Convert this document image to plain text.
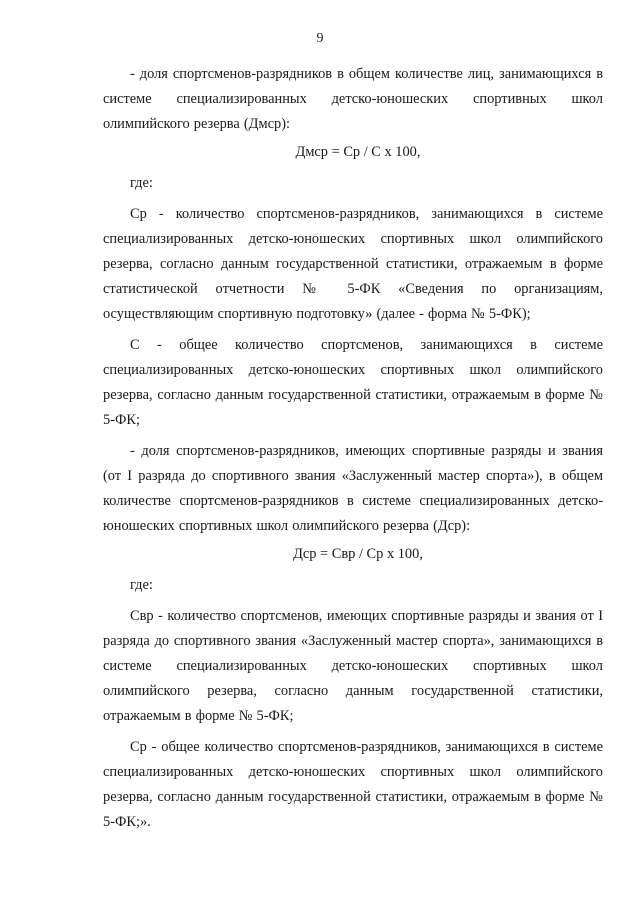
9

- доля спортсменов-разрядников в общем количестве лиц, занимающихся в системе специализированных детско-юношеских спортивных школ олимпийского резерва (Дмср):

Дмср = Ср / С х 100,

где:

Ср - количество спортсменов-разрядников, занимающихся в системе специализированных детско-юношеских спортивных школ олимпийского резерва, согласно данным государственной статистики, отражаемым в форме статистической отчетности № 5-ФК «Сведения по организациям, осуществляющим спортивную подготовку» (далее - форма № 5-ФК);

С - общее количество спортсменов, занимающихся в системе специализированных детско-юношеских спортивных школ олимпийского резерва, согласно данным государственной статистики, отражаемым в форме № 5-ФК;

- доля спортсменов-разрядников, имеющих спортивные разряды и звания (от I разряда до спортивного звания «Заслуженный мастер спорта»), в общем количестве спортсменов-разрядников в системе специализированных детско-юношеских спортивных школ олимпийского резерва (Дср):

Дср = Свр / Ср х 100,

где:

Свр - количество спортсменов, имеющих спортивные разряды и звания от I разряда до спортивного звания «Заслуженный мастер спорта», занимающихся в системе специализированных детско-юношеских спортивных школ олимпийского резерва, согласно данным государственной статистики, отражаемым в форме № 5-ФК;

Ср - общее количество спортсменов-разрядников, занимающихся в системе специализированных детско-юношеских спортивных школ олимпийского резерва, согласно данным государственной статистики, отражаемым в форме № 5-ФК;».
